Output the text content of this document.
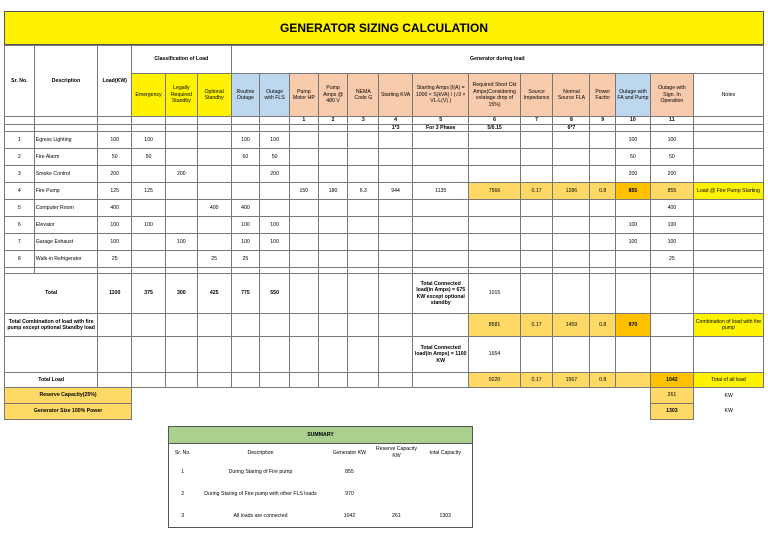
GENERATOR SIZING CALCULATION
Sr. No.	Description	Load(KW)	Classification of Load			Generator during load													
			Emergency	Legally Required Standby	Optional Standby	Routine Outage	Outage with FLS	Pump Motor HP	Pump Amps @ 480 V	NEMA Code G	Starting KVA	Starting Amps [I(A) = 1000 × S(kVA) / (√3 × VL-L(V) )	Required Short Ckt Amps(Considering volatage drop of 15%)	Source Impedance	Normal Source FLA	Power Factor	Outage with FA and Pump	Outage with Sign. In Operation	Notes
								1	2	3	4	5	6	7	8	9	10	11	
											1*3	For 3 Phase	5/0.15		6*7				
1	Egress Lighting	100	100			100	100										100	100	
2	Fire Alarm	50	50			50	50										50	50	
3	Smoke Control	200		200			200										200	200	
4	Fire Pump	125	125					150	180	6.3	944	1135	7566	0.17	1286	0.8	855	855	Load @ Fire Pump Starting
5	Computer Room	400			400	400												400	
6	Elevator	100	100			100	100										100	100	
7	Garage Exhaust	100		100		100	100										100	100	
8	Walk-in Refrigerator	25			25	25												25	

Total		1100	375	300	425	775	550					Total Connected load(in Amps) = 675 KW except optional standby	1015						
Total Combination of load with fire pump except optional Standby load													8581	0.17	1459	0.8	970		Combination of load with fire pump
												Total Connected load(in Amps) = 1100 KW	1654						
Total Load													9220	0.17	1567	0.8		1042	Total of all load
Reserve Capacity(25%)																		261	KW
Generator Size 100% Power																		1303	KW
SUMMARY				
Sr. No.	Description	Generator KW	Reserve Capacity KW	total Capacity
1	During Staring of Fire pump	855		
2	During Staring of Fire pump with other FLS loads	970		
3	All loads are connected	1042	261	1303
